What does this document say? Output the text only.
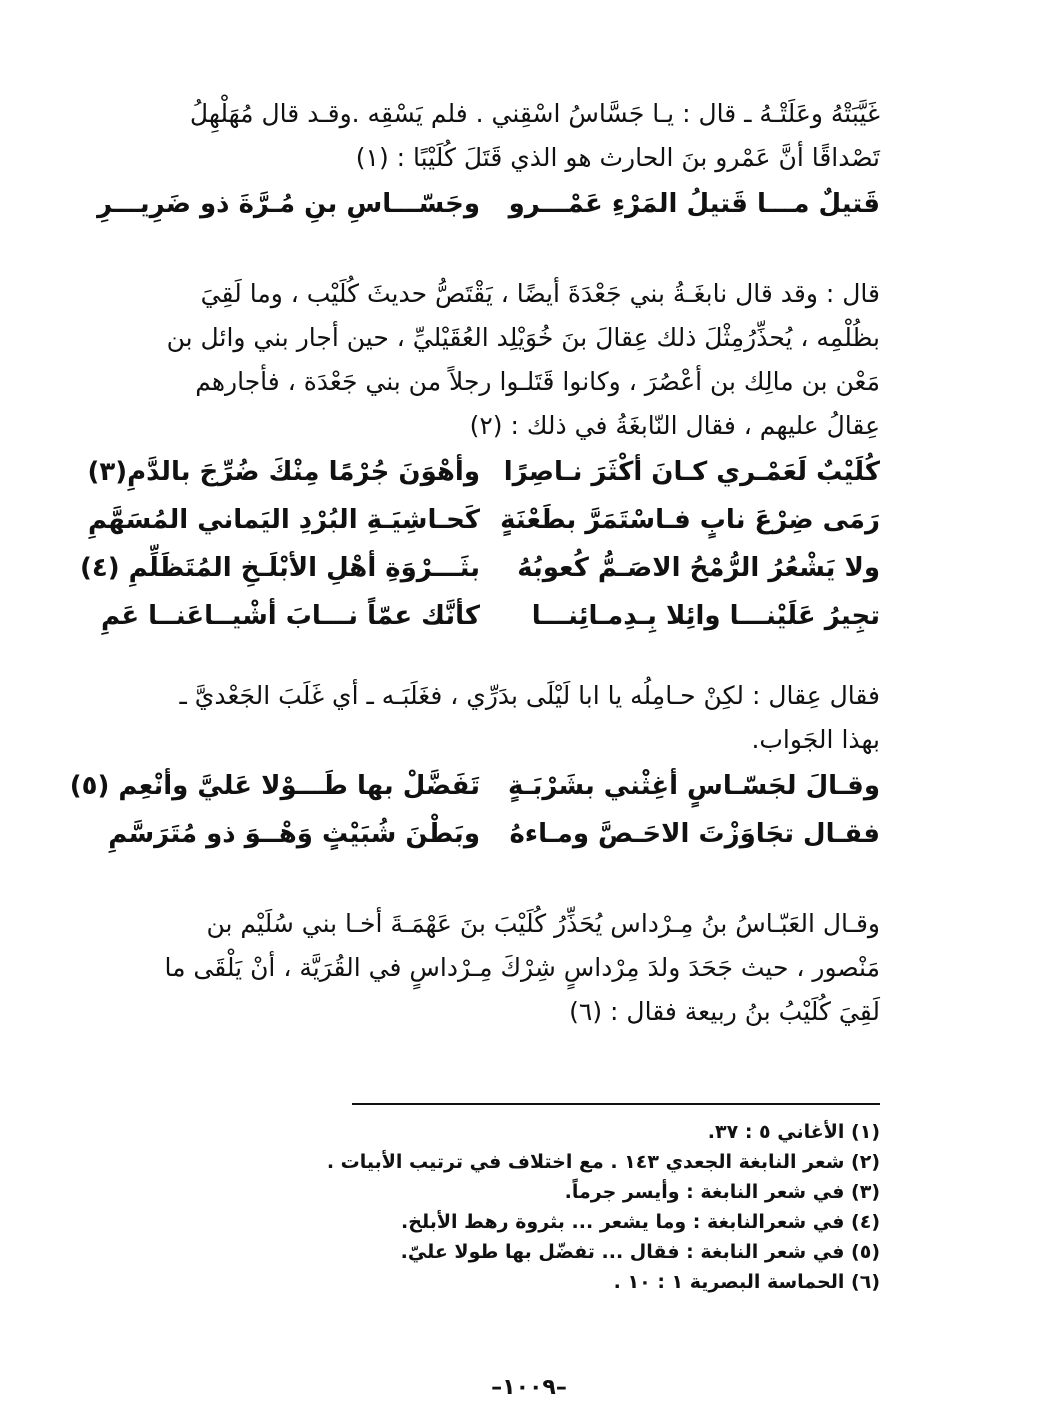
غَيَّبَتْهُ وعَلَتْـهُ ـ قال : يـا جَسَّاسُ اسْقِني . فلم يَسْقِه .وقـد قال مُهَلْهِلُ
تَصْداقًا أنَّ عَمْرو بنَ الحارث هو الذي قَتَلَ كُلَيْبًا : (١)

قَتيلٌ مـــا قَتيلُ المَرْءِ عَمْـــرو
وجَسّـــاسِ بنِ مُـرَّةَ ذو ضَرِيـــرِ

قال : وقد قال نابغَـةُ بني جَعْدَةَ أيضًا ، يَقْتَصُّ حديثَ كُلَيْب ، وما لَقِيَ
بظُلْمِه ، يُحذِّرُمِثْلَ ذلك عِقالَ بنَ خُوَيْلِد العُقَيْليِّ ، حين أجار بني وائل بن
مَعْن بن مالِك بن أعْصُرَ ، وكانوا قَتَلـوا رجلاً من بني جَعْدَة ، فأجارهم
عِقالُ عليهم ، فقال النّابغَةُ في ذلك : (٢)

كُلَيْبٌ لَعَمْـري كـانَ أكْثَرَ نـاصِرًا
وأهْوَنَ جُرْمًا مِنْكَ ضُرِّجَ بالدَّمِ(٣)
رَمَى ضِرْعَ نابٍ فـاسْتَمَرَّ بطَعْنَةٍ
كَحـاشِيَـةِ البُرْدِ اليَماني المُسَهَّمِ
ولا يَشْعُرُ الرُّمْحُ الاصَـمُّ كُعوبُهُ
بثَـــرْوَةِ أهْلِ الأبْلَـخِ المُتَظَلِّمِ (٤)
تجِيرُ عَلَيْنـــا وائِلا بِـدِمـائِنـــا
كأنَّك عمّاً نـــابَ أشْيــاعَنــا عَمِ

فقال عِقال : لكِنْ حـامِلُه يا ابا لَيْلَى بدَرِّي ، فغَلَبَـه ـ أي غَلَبَ الجَعْديَّ ـ
بهذا الجَواب.

وقـالَ لجَسّـاسٍ أغِثْني بشَرْبَـةٍ
تَفَضَّلْ بها طَـــوْلا عَليَّ وأنْعِم (٥)
فقـال تجَاوَزْتَ الاحَـصَّ ومـاءهُ
وبَطْنَ شُبَيْثٍ وَهْــوَ ذو مُتَرَسَّمِ

وقـال العَبّـاسُ بنُ مِـرْداس يُحَذِّرُ كُلَيْبَ بنَ عَهْمَـةَ أخـا بني سُلَيْم بن
مَنْصور ، حيث جَحَدَ ولدَ مِرْداسٍ شِرْكَ مِـرْداسٍ في القُرَيَّة ، أنْ يَلْقَى ما
لَقِيَ كُلَيْبُ بنُ ربيعة فقال : (٦)

(١) الأغاني ٥ : ٣٧.
(٢) شعر النابغة الجعدي ١٤٣ . مع اختلاف في ترتيب الأبيات .
(٣) في شعر النابغة : وأيسر جرماً.
(٤) في شعرالنابغة : وما يشعر ... بثروة رهط الأبلخ.
(٥) في شعر النابغة : فقال ... تفضّل بها طولا عليّ.
(٦) الحماسة البصرية ١ : ١٠ .
–١٠٠٩–
